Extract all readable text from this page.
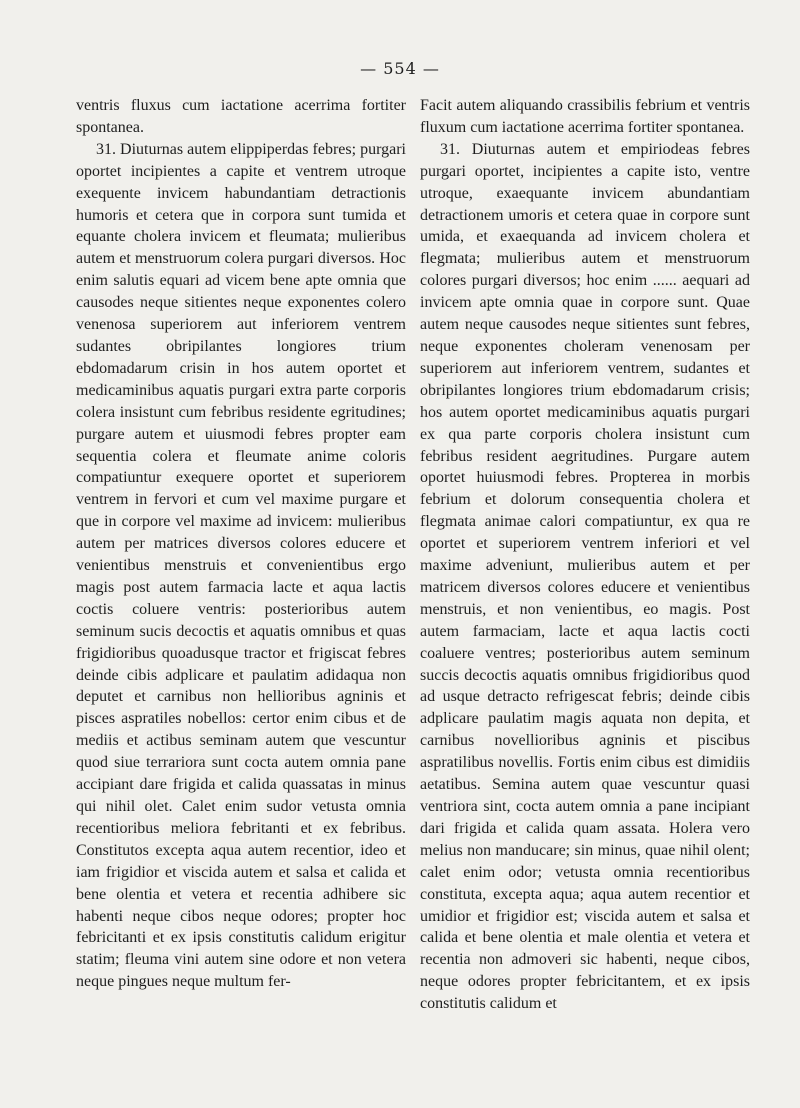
— 554 —

ventris fluxus cum iactatione acerrima fortiter spontanea.

31. Diuturnas autem elippiperdas febres; purgari oportet incipientes a capite et ventrem utroque exequente invicem habundantiam detractionis humoris et cetera que in corpora sunt tumida et equante cholera invicem et fleumata; mulieribus autem et menstruorum colera purgari diversos. Hoc enim salutis equari ad vicem bene apte omnia que causodes neque sitientes neque exponentes colero venenosa superiorem aut inferiorem ventrem sudantes obripilantes longiores trium ebdomadarum crisin in hos autem oportet et medicaminibus aquatis purgari extra parte corporis colera insistunt cum febribus residente egritudines; purgare autem et uiusmodi febres propter eam sequentia colera et fleumate anime coloris compatiuntur exequere oportet et superiorem ventrem in fervori et cum vel maxime purgare et que in corpore vel maxime ad invicem: mulieribus autem per matrices diversos colores educere et venientibus menstruis et convenientibus ergo magis post autem farmacia lacte et aqua lactis coctis coluere ventris: posterioribus autem seminum sucis decoctis et aquatis omnibus et quas frigidioribus quoadusque tractor et frigiscat febres deinde cibis adplicare et paulatim adidaqua non deputet et carnibus non hellioribus agninis et pisces aspratiles nobellos: certor enim cibus et de mediis et actibus seminam autem que vescuntur quod siue terrariora sunt cocta autem omnia pane accipiant dare frigida et calida quassatas in minus qui nihil olet. Calet enim sudor vetusta omnia recentioribus meliora febritanti et ex febribus. Constitutos excepta aqua autem recentior, ideo et iam frigidior et viscida autem et salsa et calida et bene olentia et vetera et recentia adhibere sic habenti neque cibos neque odores; propter hoc febricitanti et ex ipsis constitutis calidum erigitur statim; fleuma vini autem sine odore et non vetera neque pingues neque multum fer-

Facit autem aliquando crassibilis febrium et ventris fluxum cum iactatione acerrima fortiter spontanea.

31. Diuturnas autem et empiriodeas febres purgari oportet, incipientes a capite isto, ventre utroque, exaequante invicem abundantiam detractionem umoris et cetera quae in corpore sunt umida, et exaequanda ad invicem cholera et flegmata; mulieribus autem et menstruorum colores purgari diversos; hoc enim ...... aequari ad invicem apte omnia quae in corpore sunt. Quae autem neque causodes neque sitientes sunt febres, neque exponentes choleram venenosam per superiorem aut inferiorem ventrem, sudantes et obripilantes longiores trium ebdomadarum crisis; hos autem oportet medicaminibus aquatis purgari ex qua parte corporis cholera insistunt cum febribus resident aegritudines. Purgare autem oportet huiusmodi febres. Propterea in morbis febrium et dolorum consequentia cholera et flegmata animae calori compatiuntur, ex qua re oportet et superiorem ventrem inferiori et vel maxime adveniunt, mulieribus autem et per matricem diversos colores educere et venientibus menstruis, et non venientibus, eo magis. Post autem farmaciam, lacte et aqua lactis cocti coaluere ventres; posterioribus autem seminum succis decoctis aquatis omnibus frigidioribus quod ad usque detracto refrigescat febris; deinde cibis adplicare paulatim magis aquata non depita, et carnibus novellioribus agninis et piscibus aspratilibus novellis. Fortis enim cibus est dimidiis aetatibus. Semina autem quae vescuntur quasi ventriora sint, cocta autem omnia a pane incipiant dari frigida et calida quam assata. Holera vero melius non manducare; sin minus, quae nihil olent; calet enim odor; vetusta omnia recentioribus constituta, excepta aqua; aqua autem recentior et umidior et frigidior est; viscida autem et salsa et calida et bene olentia et male olentia et vetera et recentia non admoveri sic habenti, neque cibos, neque odores propter febricitantem, et ex ipsis constitutis calidum et
